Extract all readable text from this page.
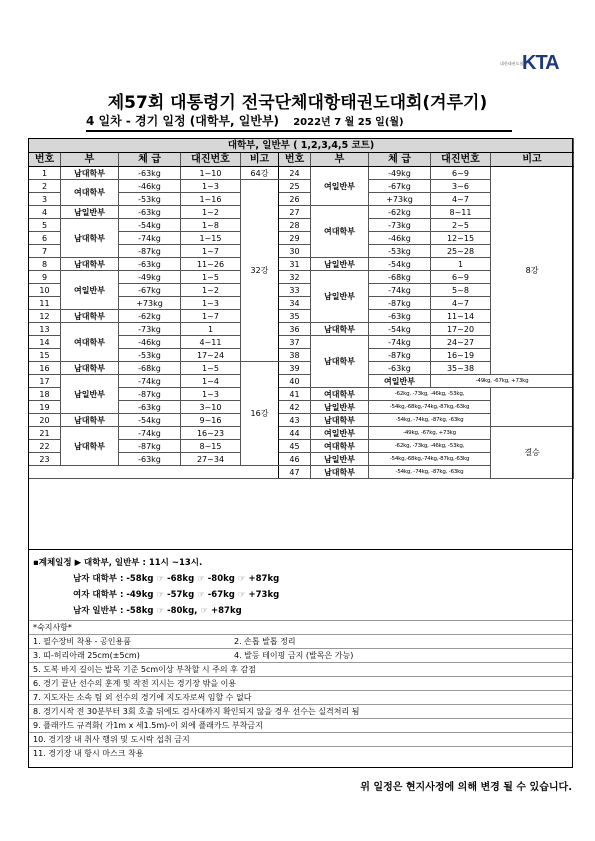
대한태권도협회
KTA
제57회 대통령기 전국단체대항태권도대회(겨루기)
4 일차 - 경기 일정 (대학부, 일반부) 2022년 7 월 25 일(월)
대학부, 일반부 ( 1,2,3,4,5 코트)										
번호	부	체 급	대진번호	비고	번호	부	체 급	대진번호	비고	
1	남대학부	-63kg	1~10	64강	24	여일반부	-49kg	6~9	8강	
2	여대학부	-46kg	1~3	32강	25		-67kg	3~6		
3		-53kg	1~16		26		+73kg	4~7		
4	남일반부	-63kg	1~2		27	여대학부	-62kg	8~11		
5	남대학부	-54kg	1~8		28		-73kg	2~5		
6		-74kg	1~15		29		-46kg	12~15		
7		-87kg	1~7		30		-53kg	25~28		
8	남대학부	-63kg	11~26		31	남일반부	-54kg	1		
9	여일반부	-49kg	1~5		32	남일반부	-68kg	6~9		
10		-67kg	1~2		33		-74kg	5~8		
11		+73kg	1~3		34		-87kg	4~7		
12	남대학부	-62kg	1~7		35		-63kg	11~14		
13	여대학부	-73kg	1		36	남대학부	-54kg	17~20		
14		-46kg	4~11		37	남대학부	-74kg	24~27		
15		-53kg	17~24		38		-87kg	16~19		
16	남대학부	-68kg	1~5	16강	39		-63kg	35~38		
17	남일반부	-74kg	1~4		40		여일반부	-49kg, -67kg, +73kg	
18		-87kg	1~3		41	여대학부	-62kg, -73kg, -46kg, -53kg,			
19		-63kg	3~10		42	남일반부	-54kg,-68kg,-74kg,-87kg,-63kg			
20	남대학부	-54kg	9~16		43	남대학부	-54kg, -74kg, -87kg, -63kg			
21	남대학부	-74kg	16~23		44	여일반부	-49kg, -67kg, +73kg		결승	
22		-87kg	8~15		45	여대학부	-62kg, -73kg, -46kg, -53kg,			
23		-63kg	27~34		46	남일반부	-54kg,-68kg,-74kg,-87kg,-63kg			
					47	남대학부	-54kg, -74kg, -87kg, -63kg			
▪계체일정 ▶ 대학부, 일반부 : 11시 ~13시.
남자 대학부 : -58kg ☞ -68kg ☞ -80kg ☞ +87kg
여자 대학부 : -49kg ☞ -57kg ☞ -67kg ☞ +73kg
남자 일반부 : -58kg ☞ -80kg, ☞ +87kg
*숙지사항*
1. 필수장비 착용 - 공인용품	2. 손톱 발톱 정리
3. 띠-허리아래 25cm(±5cm)	4. 발등 테이핑 금지 (발목은 가능)
5. 도복 바지 길이는 발목 기준 5cm이상 부착할 시 주의 후 감점
6. 경기 끝난 선수의 훈계 및 작전 지시는 경기장 밖을 이용
7. 지도자는 소속 팀 외 선수의 경기에 지도자로써 임할 수 없다
8. 경기시작 전 30분부터 3회 호출 뒤에도 검사대까지 확인되지 않을 경우 선수는 실격처리 됨
9. 플래카드 규격화( 가1m x 세1.5m)-이 외에 플래카드 부착금지
10. 경기장 내 취사 행위 및 도시락 섭취 금지
11. 경기장 내 항시 마스크 착용
위 일정은 현지사정에 의해 변경 될 수 있습니다.
